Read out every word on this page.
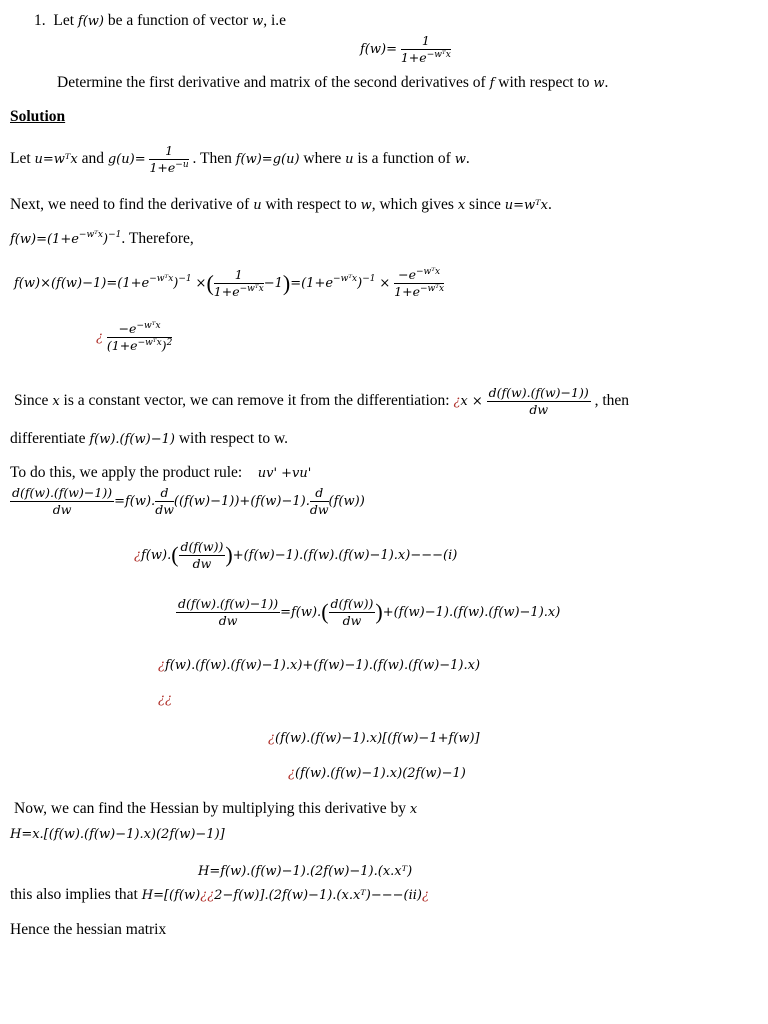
1. Let f(w) be a function of vector w, i.e
$f(w)= \frac{1}{1+e^{-wᵀx}}$
Determine the first derivative and matrix of the second derivatives of f with respect to w.
Solution
Let u=wᵀx and $g(u)= \frac{1}{1+e^{-u}}$ . Then f(w)=g(u) where u is a function of w.
Next, we need to find the derivative of u with respect to w, which gives x since u=wᵀx.
$f(w)=(1+e^{-wᵀx})^{-1}$. Therefore,
$f(w)\times(f(w)-1)=(1+e^{-wᵀx})^{-1}$ ×( $\frac{1}{1+e^{-wᵀx}} -1)=(1+e^{-wᵀx})^{-1} \times \frac{-e^{-wᵀx}}{1+e^{-wᵀx}}$
¿ $\frac{-e^{-wᵀx}}{(1+e^{-wᵀx})^2}$
Since x is a constant vector, we can remove it from the differentiation: ¿$x \times \frac{d(f(w).(f(w)-1))}{dw}$ , then
differentiate f(w).(f(w)−1) with respect to w.
To do this, we apply the product rule: uv' +vu'
$\frac{d(f(w).(f(w)-1))}{dw} =f(w)$. $\frac{d}{dw} ((f(w)-1))+(f(w)-1)$. $\frac{d}{dw} (f(w))$
¿$f(w).( \frac{d(f(w))}{dw} )+(f(w)-1).(f(w).(f(w)-1).x)---(i)$
$\frac{d(f(w).(f(w)-1))}{dw} =f(w).( \frac{d(f(w))}{dw} )+(f(w)-1).(f(w).(f(w)-1).x)$
¿f(w).(f(w).(f(w)−1).x)+(f(w)−1).(f(w).(f(w)−1).x)
¿¿
¿(f(w).(f(w)−1).x)[(f(w)−1+f(w)]
¿(f(w).(f(w)−1).x)(2f(w)−1)
Now, we can find the Hessian by multiplying this derivative by x
H=x.[(f(w).(f(w)−1).x)(2f(w)−1)]
H=f(w).(f(w)−1).(2f(w)−1).(x.xᵀ)
this also implies that H=[(f(w)¿¿2−f(w)].(2f(w)−1).(x.xᵀ)−−−(ii)¿
Hence the hessian matrix
